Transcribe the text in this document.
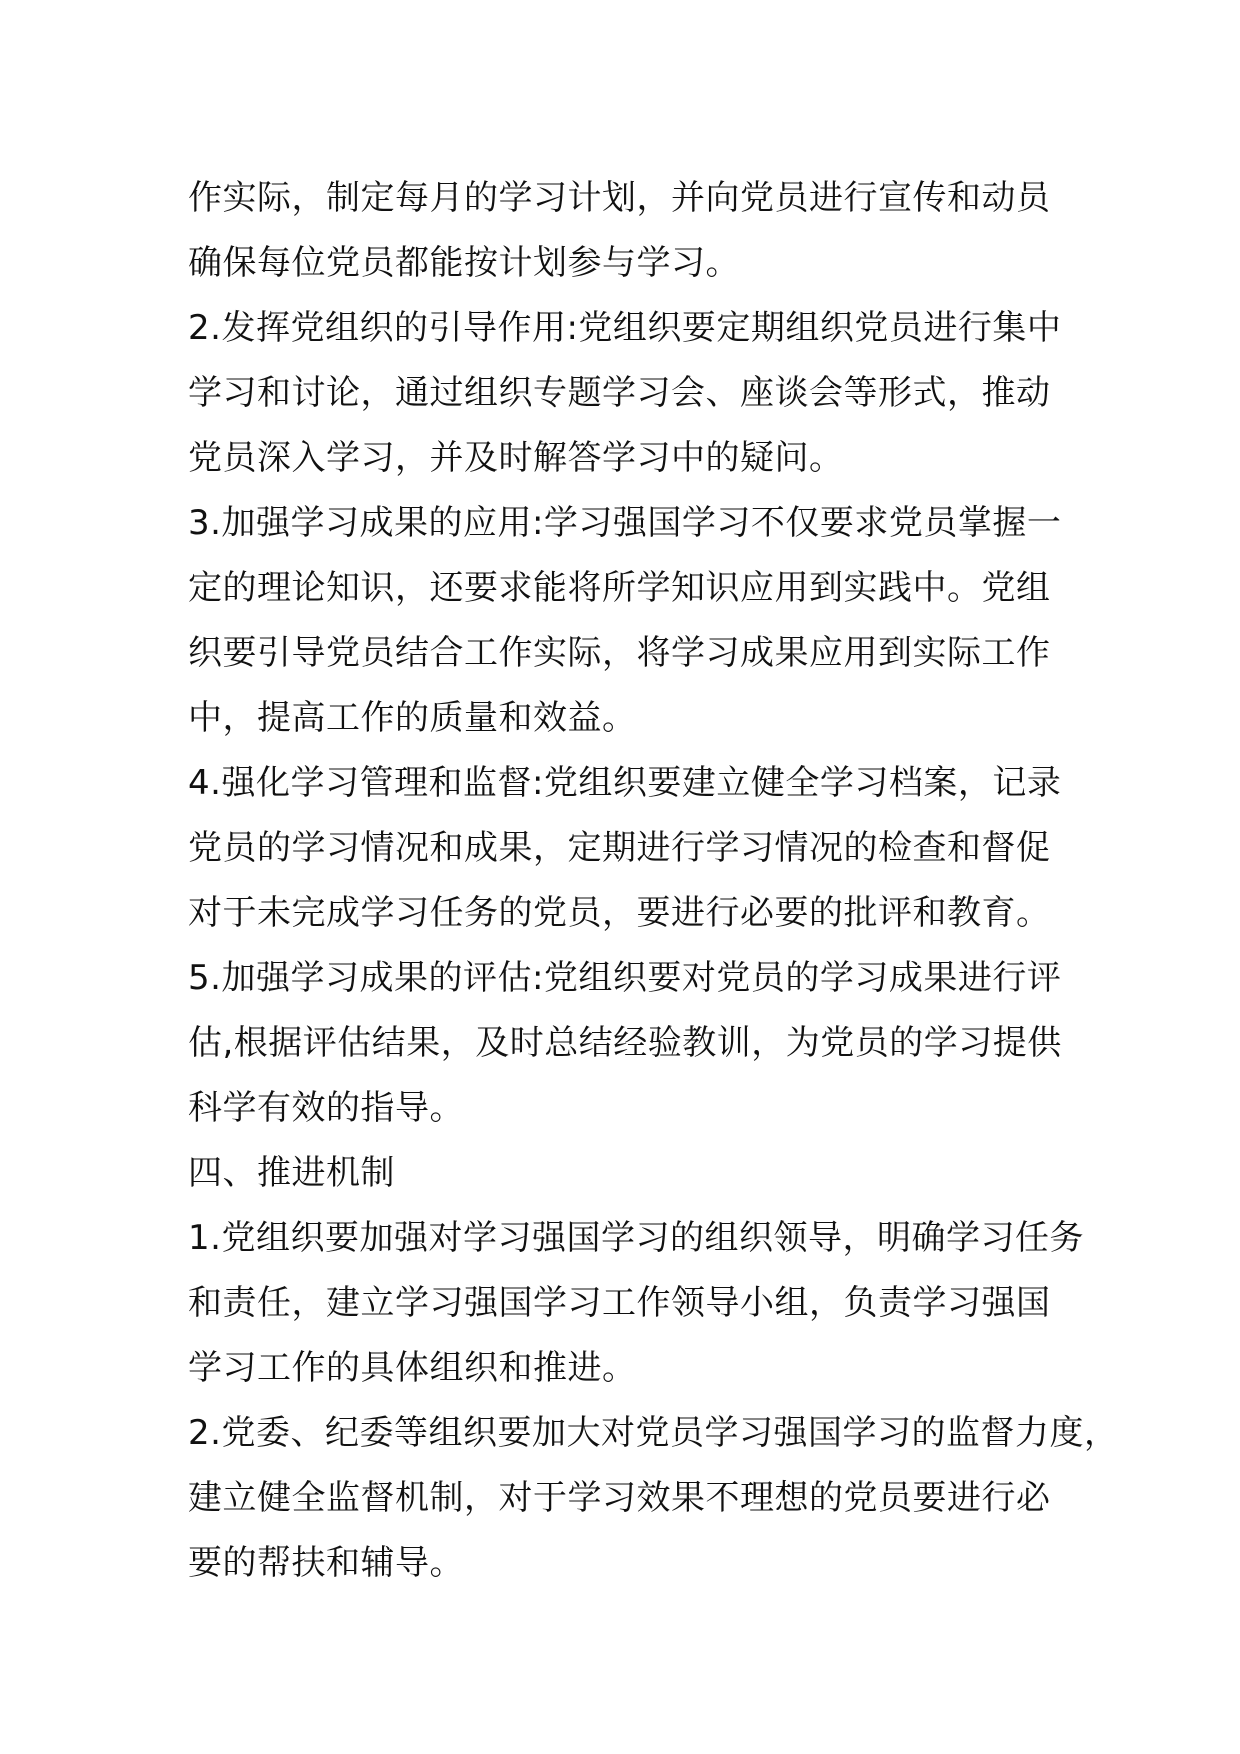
作实际，制定每月的学习计划，并向党员进行宣传和动员
确保每位党员都能按计划参与学习。
2.发挥党组织的引导作用:党组织要定期组织党员进行集中
学习和讨论，通过组织专题学习会、座谈会等形式，推动
党员深入学习，并及时解答学习中的疑问。
3.加强学习成果的应用:学习强国学习不仅要求党员掌握一
定的理论知识，还要求能将所学知识应用到实践中。党组
织要引导党员结合工作实际，将学习成果应用到实际工作
中，提高工作的质量和效益。
4.强化学习管理和监督:党组织要建立健全学习档案，记录
党员的学习情况和成果，定期进行学习情况的检查和督促
对于未完成学习任务的党员，要进行必要的批评和教育。
5.加强学习成果的评估:党组织要对党员的学习成果进行评
估,根据评估结果，及时总结经验教训，为党员的学习提供
科学有效的指导。
四、推进机制
1.党组织要加强对学习强国学习的组织领导，明确学习任务
和责任，建立学习强国学习工作领导小组，负责学习强国
学习工作的具体组织和推进。
2.党委、纪委等组织要加大对党员学习强国学习的监督力度，
建立健全监督机制，对于学习效果不理想的党员要进行必
要的帮扶和辅导。
